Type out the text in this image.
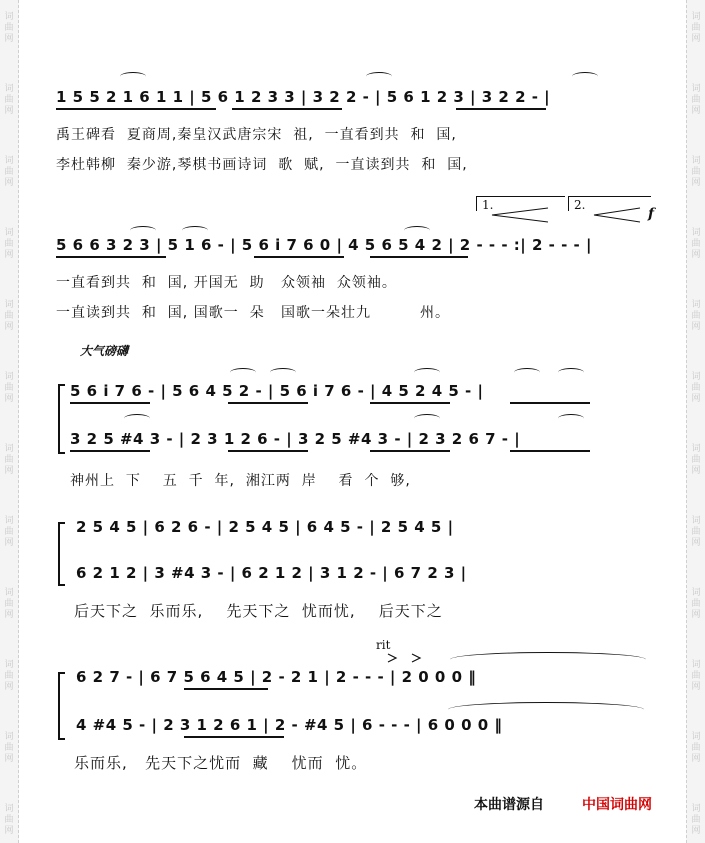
词
曲
网
词
曲
网
词
曲
网
词
曲
网
词
曲
网
词
曲
网
词
曲
网
词
曲
网
词
曲
网
词
曲
网
词
曲
网
词
曲
网
词
曲
网
词
曲
网
词
曲
网
词
曲
网
词
曲
网
词
曲
网
词
曲
网
词
曲
网
词
曲
网
词
曲
网
词
曲
网
词
曲
网
1 5 5 2 1 6 1 1 | 5 6 1 2 3 3 | 3 2 2 - | 5 6 1 2 3 | 3 2 2 - |
禹王碑看  夏商周,秦皇汉武唐宗宋  祖,  一直看到共  和  国,
李杜韩柳  秦少游,琴棋书画诗词  歌  赋,  一直读到共  和  国,
1.	2.
f
5 6 6 3 2 3 | 5 1 6 - | 5 6 i 7 6 0 | 4 5 6 5 4 2 | 2 - - - :| 2 - - - |
一直看到共  和  国, 开国无  助   众领袖  众领袖。
一直读到共  和  国, 国歌一  朵   国歌一朵壮九         州。
大气磅礴
5 6 i 7 6 - | 5 6 4 5 2 - | 5 6 i 7 6 - | 4 5 2 4 5 - |
3 2 5 #4 3 - | 2 3 1 2 6 - | 3 2 5 #4 3 - | 2 3 2 6 7 - |
神州上  下    五  千  年,  湘江两  岸    看  个  够,
2 5 4 5 | 6 2 6 - | 2 5 4 5 | 6 4 5 - | 2 5 4 5 |
6 2 1 2 | 3 #4 3 - | 6 2 1 2 | 3 1 2 - | 6 7 2 3 |
后天下之  乐而乐,    先天下之  忧而忧,    后天下之
rit
6 2 7 - | 6 7 5 6 4 5 | 2 - 2 1 | 2 - - - | 2 0 0 0 ‖
4 #4 5 - | 2 3 1 2 6 1 | 2 - #4 5 | 6 - - - | 6 0 0 0 ‖
乐而乐,   先天下之忧而  藏    忧而  忧。
本曲谱源自	中国词曲网
